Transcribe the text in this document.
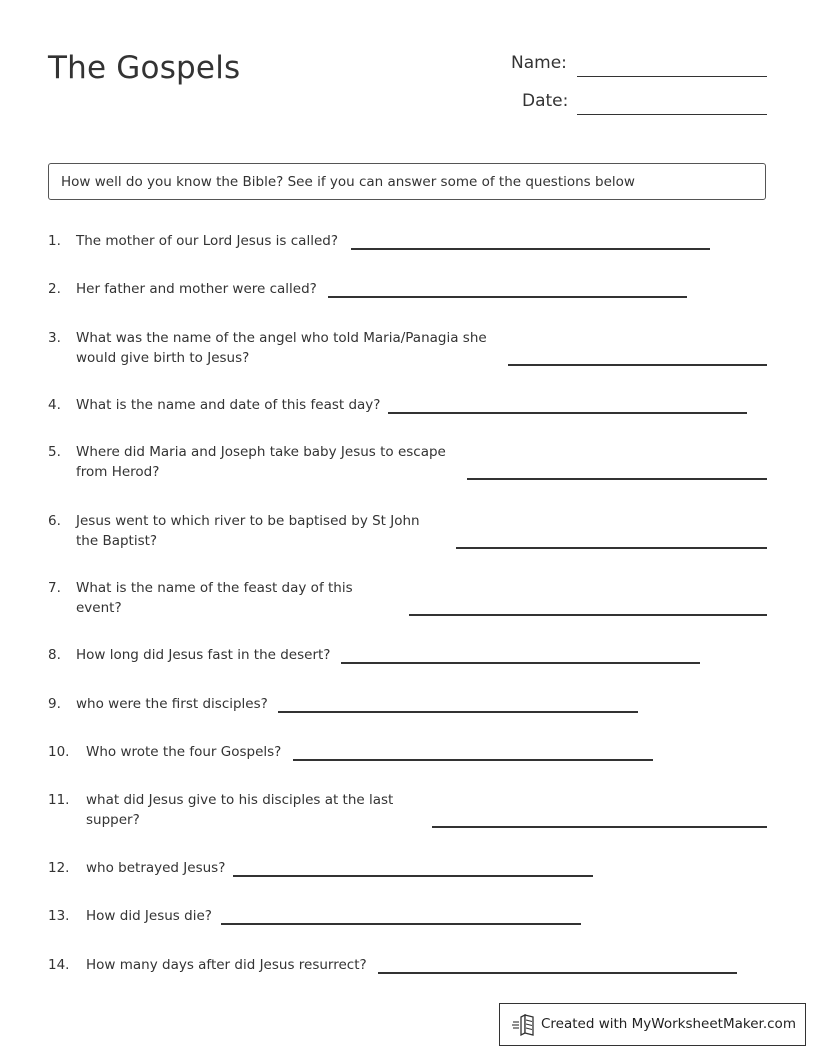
The Gospels	Name:
Date:
How well do you know the Bible? See if you can answer some of the questions below
1. The mother of our Lord Jesus is called?
2. Her father and mother were called?
3. What was the name of the angel who told Maria/Panagia she
would give birth to Jesus?
4. What is the name and date of this feast day?
5. Where did Maria and Joseph take baby Jesus to escape
from Herod?
6. Jesus went to which river to be baptised by St John
the Baptist?
7. What is the name of the feast day of this
event?
8. How long did Jesus fast in the desert?
9. who were the first disciples?
10. Who wrote the four Gospels?
11. what did Jesus give to his disciples at the last
supper?
12. who betrayed Jesus?
13. How did Jesus die?
14. How many days after did Jesus resurrect?
Created with MyWorksheetMaker.com
